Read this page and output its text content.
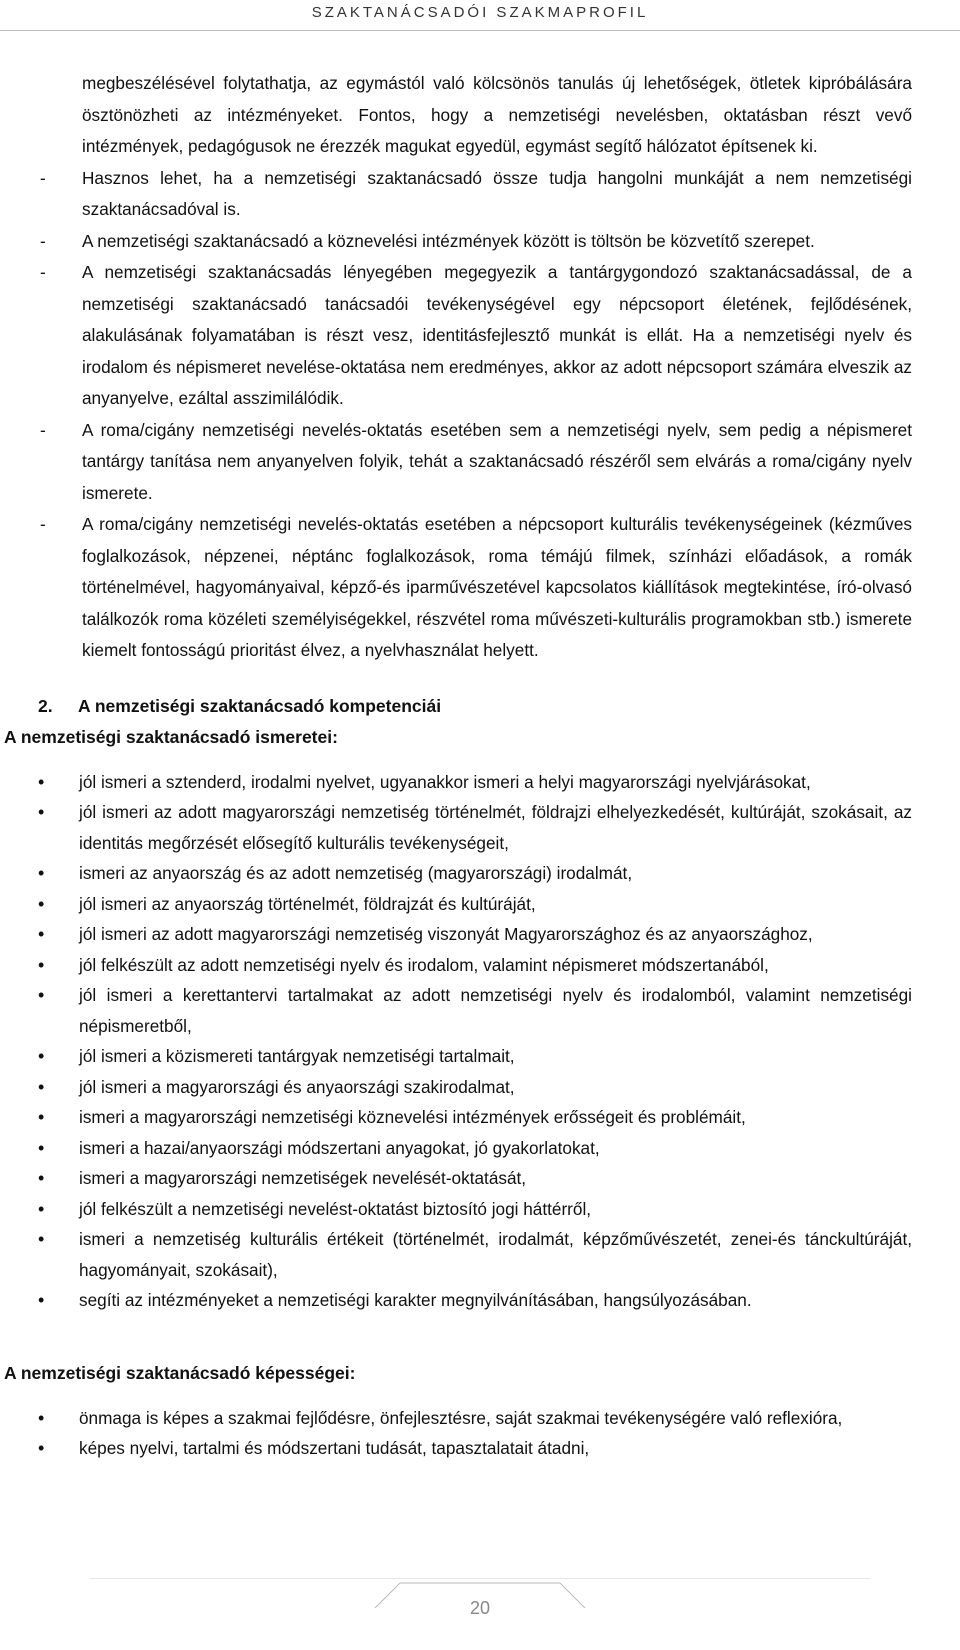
SZAKTANÁCSADÓI SZAKMAPROFIL

megbeszélésével folytathatja, az egymástól való kölcsönös tanulás új lehetőségek, ötletek kipróbálására ösztönözheti az intézményeket. Fontos, hogy a nemzetiségi nevelésben, oktatásban részt vevő intézmények, pedagógusok ne érezzék magukat egyedül, egymást segítő hálózatot építsenek ki.

- Hasznos lehet, ha a nemzetiségi szaktanácsadó össze tudja hangolni munkáját a nem nemzetiségi szaktanácsadóval is.
- A nemzetiségi szaktanácsadó a köznevelési intézmények között is töltsön be közvetítő szerepet.
- A nemzetiségi szaktanácsadás lényegében megegyezik a tantárgygondozó szaktanácsadással, de a nemzetiségi szaktanácsadó tanácsadói tevékenységével egy népcsoport életének, fejlődésének, alakulásának folyamatában is részt vesz, identitásfejlesztő munkát is ellát. Ha a nemzetiségi nyelv és irodalom és népismeret nevelése-oktatása nem eredményes, akkor az adott népcsoport számára elveszik az anyanyelve, ezáltal asszimilálódik.
- A roma/cigány nemzetiségi nevelés-oktatás esetében sem a nemzetiségi nyelv, sem pedig a népismeret tantárgy tanítása nem anyanyelven folyik, tehát a szaktanácsadó részéről sem elvárás a roma/cigány nyelv ismerete.
- A roma/cigány nemzetiségi nevelés-oktatás esetében a népcsoport kulturális tevékenységeinek (kézműves foglalkozások, népzenei, néptánc foglalkozások, roma témájú filmek, színházi előadások, a romák történelmével, hagyományaival, képző-és iparművészetével kapcsolatos kiállítások megtekintése, író-olvasó találkozók roma közéleti személyiségekkel, részvétel roma művészeti-kulturális programokban stb.) ismerete kiemelt fontosságú prioritást élvez, a nyelvhasználat helyett.
2. A nemzetiségi szaktanácsadó kompetenciái
A nemzetiségi szaktanácsadó ismeretei:
• jól ismeri a sztenderd, irodalmi nyelvet, ugyanakkor ismeri a helyi magyarországi nyelvjárásokat,
• jól ismeri az adott magyarországi nemzetiség történelmét, földrajzi elhelyezkedését, kultúráját, szokásait, az identitás megőrzését elősegítő kulturális tevékenységeit,
• ismeri az anyaország és az adott nemzetiség (magyarországi) irodalmát,
• jól ismeri az anyaország történelmét, földrajzát és kultúráját,
• jól ismeri az adott magyarországi nemzetiség viszonyát Magyarországhoz és az anyaországhoz,
• jól felkészült az adott nemzetiségi nyelv és irodalom, valamint népismeret módszertanából,
• jól ismeri a kerettantervi tartalmakat az adott nemzetiségi nyelv és irodalomból, valamint nemzetiségi népismeretből,
• jól ismeri a közismereti tantárgyak nemzetiségi tartalmait,
• jól ismeri a magyarországi és anyaországi szakirodalmat,
• ismeri a magyarországi nemzetiségi köznevelési intézmények erősségeit és problémáit,
• ismeri a hazai/anyaországi módszertani anyagokat, jó gyakorlatokat,
• ismeri a magyarországi nemzetiségek nevelését-oktatását,
• jól felkészült a nemzetiségi nevelést-oktatást biztosító jogi háttérről,
• ismeri a nemzetiség kulturális értékeit (történelmét, irodalmát, képzőművészetét, zenei-és tánckultúráját, hagyományait, szokásait),
• segíti az intézményeket a nemzetiségi karakter megnyilvánításában, hangsúlyozásában.
A nemzetiségi szaktanácsadó képességei:
• önmaga is képes a szakmai fejlődésre, önfejlesztésre, saját szakmai tevékenységére való reflexióra,
• képes nyelvi, tartalmi és módszertani tudását, tapasztalatait átadni,
20
